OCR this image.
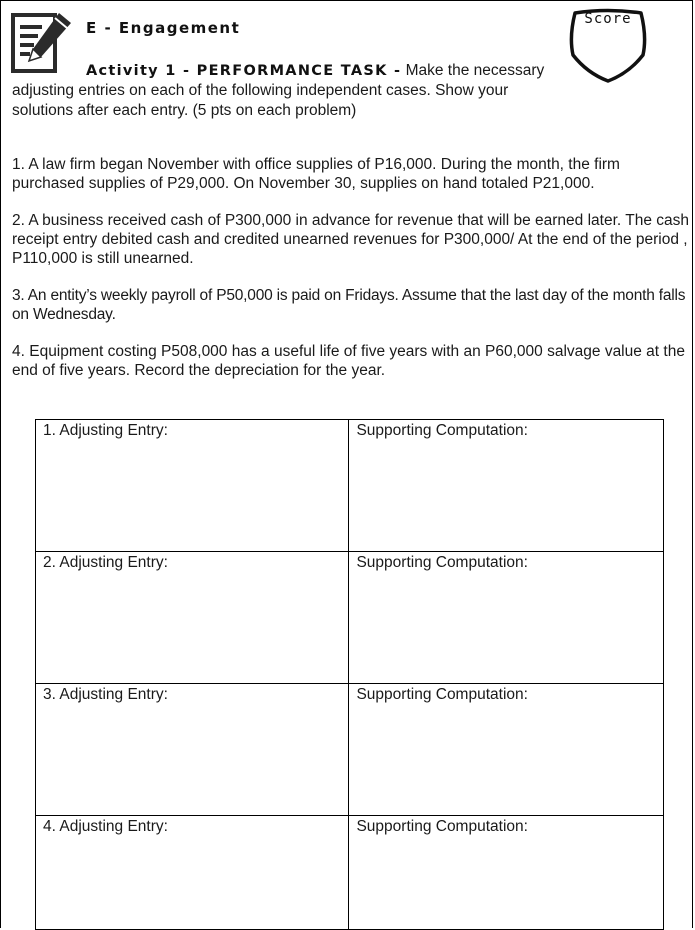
E - Engagement	Score
Activity 1 - PERFORMANCE TASK - Make the necessary
adjusting entries on each of the following independent cases. Show your solutions after each entry. (5 pts on each problem)

1. A law firm began November with office supplies of P16,000. During the month, the firm purchased supplies of P29,000. On November 30, supplies on hand totaled P21,000.

2. A business received cash of P300,000 in advance for revenue that will be earned later. The cash receipt entry debited cash and credited unearned revenues for P300,000/ At the end of the period , P110,000 is still unearned.

3. An entity’s weekly payroll of P50,000 is paid on Fridays. Assume that the last day of the month falls on Wednesday.

4. Equipment costing P508,000 has a useful life of five years with an P60,000 salvage value at the end of five years. Record the depreciation for the year.

1. Adjusting Entry:	Supporting Computation:

2. Adjusting Entry:	Supporting Computation:

3. Adjusting Entry:	Supporting Computation:

4. Adjusting Entry:	Supporting Computation:
